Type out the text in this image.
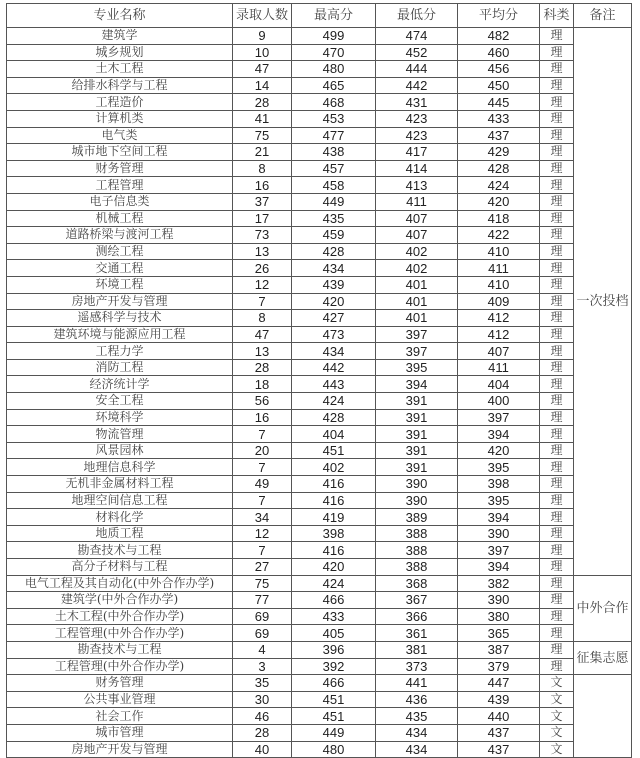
专业名称	录取人数	最高分	最低分	平均分	科类	备注
建筑学	9	499	474	482	理	一次投档
城乡规划	10	470	452	460	理	
土木工程	47	480	444	456	理	
给排水科学与工程	14	465	442	450	理	
工程造价	28	468	431	445	理	
计算机类	41	453	423	433	理	
电气类	75	477	423	437	理	
城市地下空间工程	21	438	417	429	理	
财务管理	8	457	414	428	理	
工程管理	16	458	413	424	理	
电子信息类	37	449	411	420	理	
机械工程	17	435	407	418	理	
道路桥梁与渡河工程	73	459	407	422	理	
测绘工程	13	428	402	410	理	
交通工程	26	434	402	411	理	
环境工程	12	439	401	410	理	
房地产开发与管理	7	420	401	409	理	
遥感科学与技术	8	427	401	412	理	
建筑环境与能源应用工程	47	473	397	412	理	
工程力学	13	434	397	407	理	
消防工程	28	442	395	411	理	
经济统计学	18	443	394	404	理	
安全工程	56	424	391	400	理	
环境科学	16	428	391	397	理	
物流管理	7	404	391	394	理	
风景园林	20	451	391	420	理	
地理信息科学	7	402	391	395	理	
无机非金属材料工程	49	416	390	398	理	
地理空间信息工程	7	416	390	395	理	
材料化学	34	419	389	394	理	
地质工程	12	398	388	390	理	
勘查技术与工程	7	416	388	397	理	
高分子材料与工程	27	420	388	394	理	
电气工程及其自动化(中外合作办学)	75	424	368	382	理	中外合作
建筑学(中外合作办学)	77	466	367	390	理	
土木工程(中外合作办学)	69	433	366	380	理	
工程管理(中外合作办学)	69	405	361	365	理	
勘查技术与工程	4	396	381	387	理	征集志愿
工程管理(中外合作办学)	3	392	373	379	理	
财务管理	35	466	441	447	文	
公共事业管理	30	451	436	439	文	
社会工作	46	451	435	440	文	
城市管理	28	449	434	437	文	
房地产开发与管理	40	480	434	437	文	
